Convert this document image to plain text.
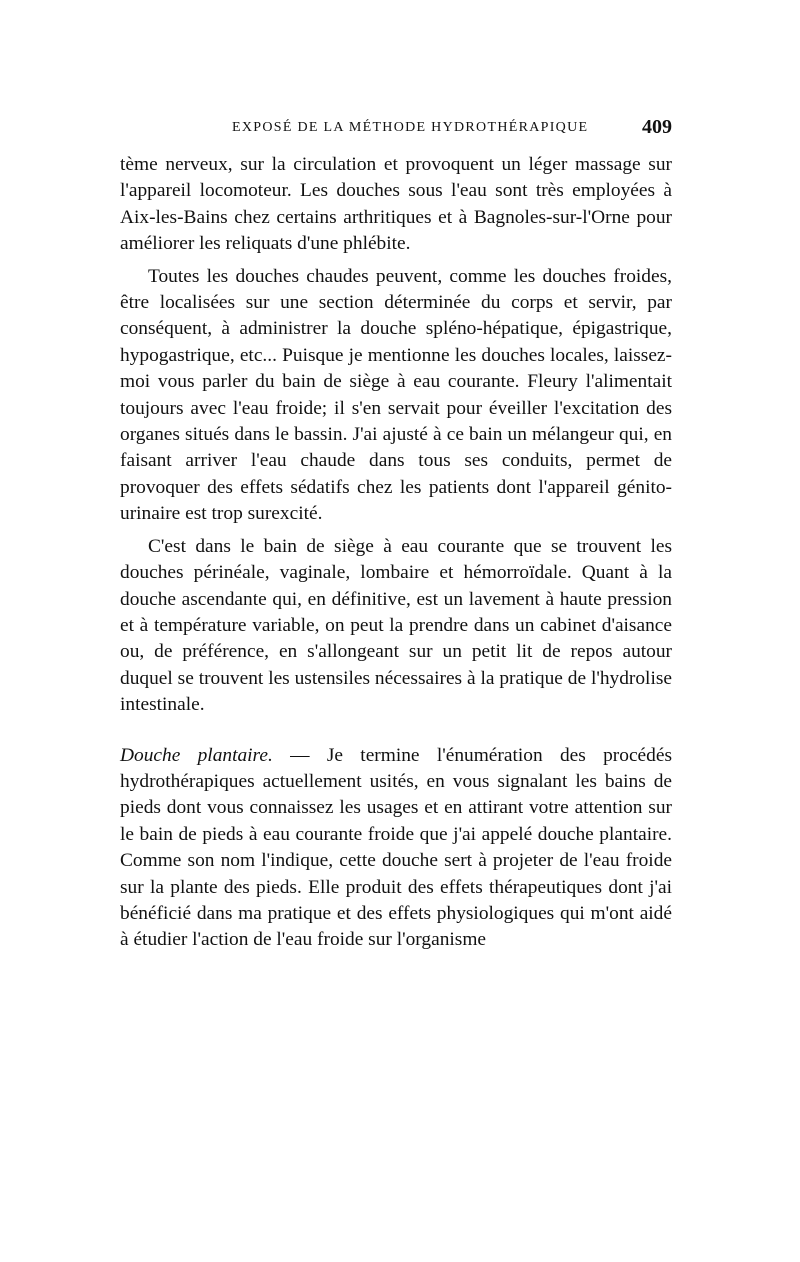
EXPOSÉ DE LA MÉTHODE HYDROTHÉRAPIQUE	409

tème nerveux, sur la circulation et provoquent un léger massage sur l'appareil locomoteur. Les douches sous l'eau sont très employées à Aix-les-Bains chez certains arthritiques et à Bagnoles-sur-l'Orne pour améliorer les reliquats d'une phlébite.

Toutes les douches chaudes peuvent, comme les douches froides, être localisées sur une section déterminée du corps et servir, par conséquent, à administrer la douche spléno-hépatique, épigastrique, hypogastrique, etc... Puisque je mentionne les douches locales, laissez-moi vous parler du bain de siège à eau courante. Fleury l'alimentait toujours avec l'eau froide; il s'en servait pour éveiller l'excitation des organes situés dans le bassin. J'ai ajusté à ce bain un mélangeur qui, en faisant arriver l'eau chaude dans tous ses conduits, permet de provoquer des effets sédatifs chez les patients dont l'appareil génito-urinaire est trop surexcité.

C'est dans le bain de siège à eau courante que se trouvent les douches périnéale, vaginale, lombaire et hémorroïdale. Quant à la douche ascendante qui, en définitive, est un lavement à haute pression et à température variable, on peut la prendre dans un cabinet d'aisance ou, de préférence, en s'allongeant sur un petit lit de repos autour duquel se trouvent les ustensiles nécessaires à la pratique de l'hydrolise intestinale.

Douche plantaire. — Je termine l'énumération des procédés hydrothérapiques actuellement usités, en vous signalant les bains de pieds dont vous connaissez les usages et en attirant votre attention sur le bain de pieds à eau courante froide que j'ai appelé douche plantaire. Comme son nom l'indique, cette douche sert à projeter de l'eau froide sur la plante des pieds. Elle produit des effets thérapeutiques dont j'ai bénéficié dans ma pratique et des effets physiologiques qui m'ont aidé à étudier l'action de l'eau froide sur l'organisme
